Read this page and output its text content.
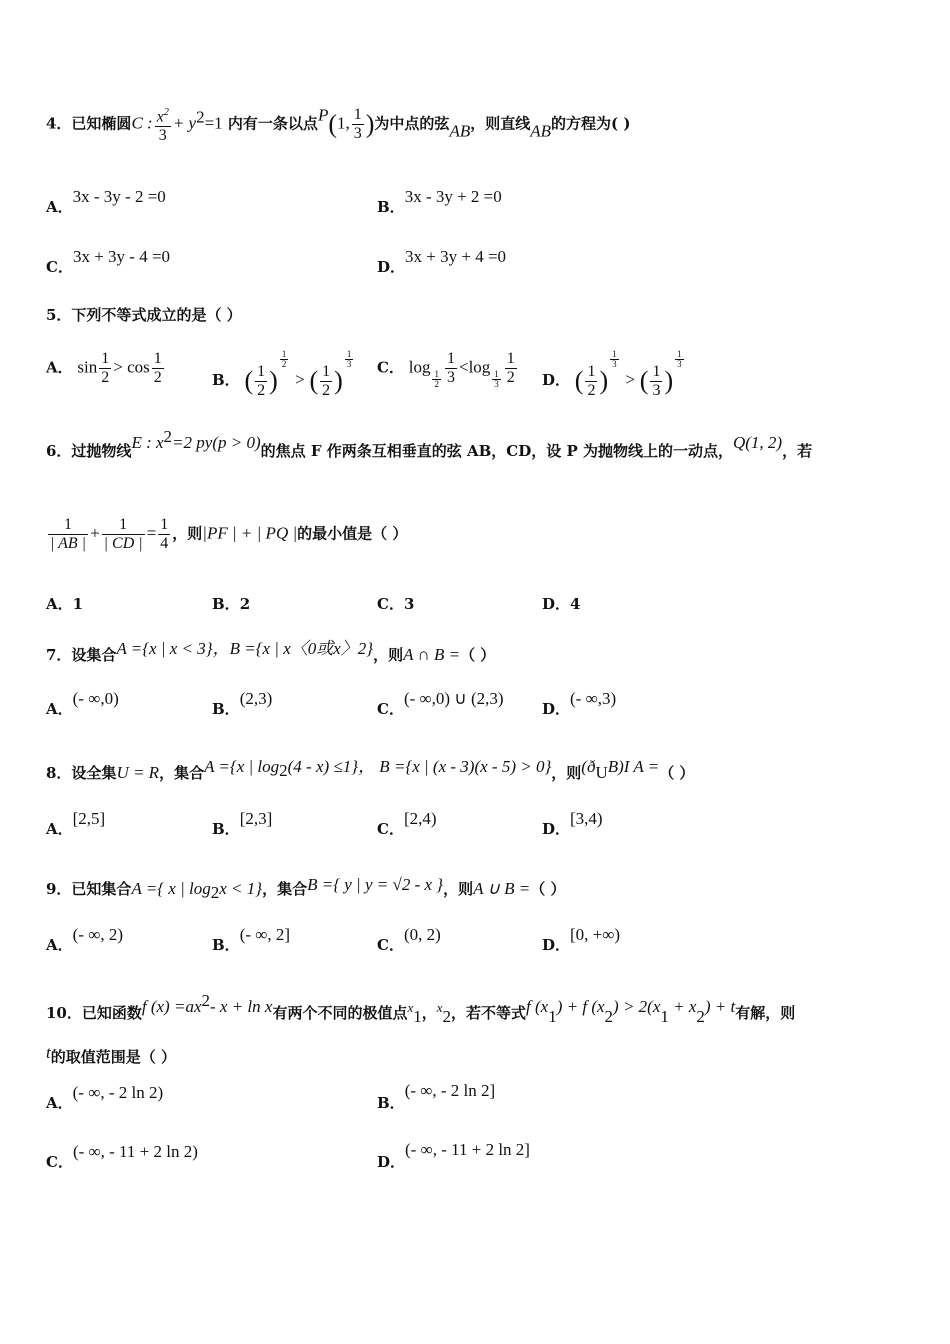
4．已知椭圆C : $\frac{x^2}{3} + y^2=1$ 内有一条以点P(1, $\frac{1}{3}$ )为中点的弦AB，则直线AB的方程为( )
A．3x - 3y - 2 =0
B．3x - 3y + 2 =0
C．3x + 3y - 4 =0
D．3x + 3y + 4 =0
5．下列不等式成立的是（ ）
A． $\sin \frac{1}{2} > \cos \frac{1}{2}$	B． ( $\frac{1}{2}$ )
$^{\frac{1}{2}}$
> ( $\frac{1}{2}$ )
$^{\frac{1}{3}}$ C． log
$_{\frac{1}{2}} \frac{1}{3} <\log$
$_{\frac{1}{3}} \frac{1}{2}$ D． ( $\frac{1}{2}$ )
$^{\frac{1}{3}}$
> ( $\frac{1}{3}$ )
$^{\frac{1}{3}}$
6．过抛物线E : $x^2=2$ py(p > 0)的焦点 F 作两条互相垂直的弦 AB，CD，设 P 为抛物线上的一动点，Q(1, 2)，若
$\frac{1}{| AB |} + \frac{1}{| CD |} = \frac{1}{4}$ ，则|PF | + | PQ |的最小值是（ ）
A．1	B．2	C．3	D．4
7．设集合A ={x | x < 3}，B ={x | x〈0或x〉2}，则A ∩ B =（ ）
A．(- ∞,0)
B．(2,3)
C．(- ∞,0) ∪ (2,3)
D．(- ∞,3)
8．设全集U = R，集合A ={x | $\log_2(4 - x) \le 1$}， B ={x | (x - 3)(x - 5) > 0}，则(ðUB)I A =（ ）
A．[2,5]
B．[2,3]
C．[2,4)
D．[3,4)
9．已知集合A ={ x | $\log_2x < 1$}，集合B ={ y | y = √2 - x }，则A ∪ B =（ ）
A．(- ∞, 2)
B．(- ∞, 2]
C．(0, 2)
D．[0, +∞)
10．已知函数f $(x) =ax^2-$ x + ln x有两个不同的极值点$x_1$，$x_2$，若不等式f $(x_1) + f$ $(x_2) > 2(x_1 + x_2) + t$有解，则
t的取值范围是（ ）
A．(- ∞, - 2 ln 2)
B．(- ∞, - 2 ln 2]
C．(- ∞, - 11 + 2 ln 2)
D．(- ∞, - 11 + 2 ln 2]
